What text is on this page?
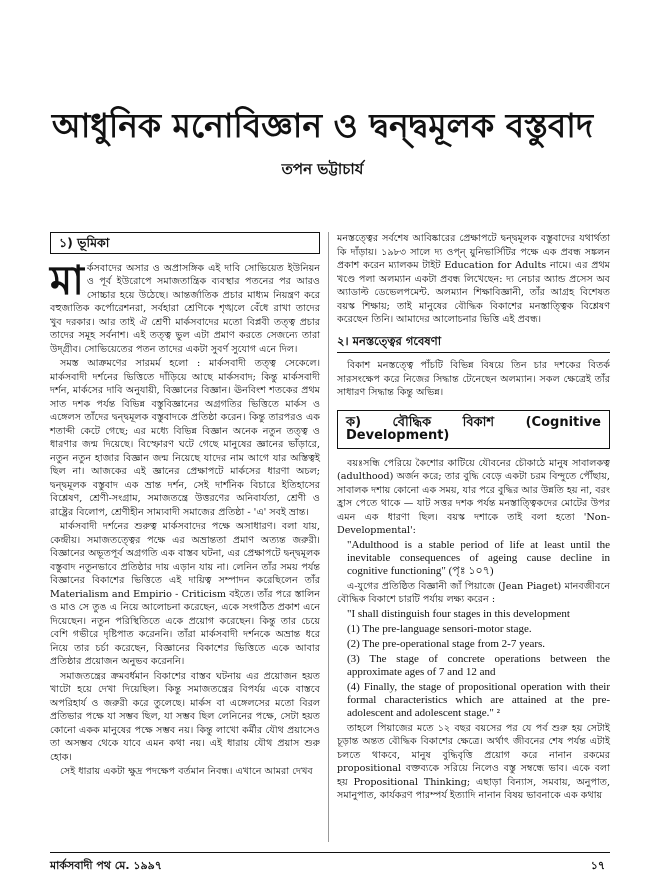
আধুনিক মনোবিজ্ঞান ও দ্বন্দ্বমূলক বস্তুবাদ
তপন ভট্টাচার্য
১) ভূমিকা

মার্কসবাদের অসার ও অপ্রাসঙ্গিক এই দাবি সোভিয়েত ইউনিয়ন ও পূর্ব ইউরোপে সমাজতান্ত্রিক ব্যবস্থার পতনের পর আরও সোচ্চার হয়ে উঠেছে। আন্তর্জাতিক প্রচার মাধ্যম নিয়ন্ত্রণ করে বহুজাতিক কর্পোরেশনরা, সর্বহারা শ্রেণিকে শৃঙ্খলে বেঁধে রাখা তাদের খুব দরকার। আর তাই ঐ শ্রেণী মার্কসবাদের মতো বিপ্লবী তত্ত্ব প্রচার তাদের সমূহ সর্বনাশ। এই তত্ত্ব ভুল এটা প্রমাণ করতে সেজন্যে তারা উদ্গ্রীব। সোভিয়েতের পতন তাদের একটা সুবর্ণ সুযোগ এনে দিল।

সমস্ত আক্রমণের সারমর্ম হলো : মার্কসবাদী তত্ত্ব সেকেলে। মার্কসবাদী দর্শনের ভিত্তিতে দাঁড়িয়ে আছে মার্কসবাদ; কিন্তু মার্কসবাদী দর্শন, মার্কসের দাবি অনুযায়ী, বিজ্ঞানের বিজ্ঞান। ঊনবিংশ শতকের প্রথম সাত দশক পর্যন্ত বিভিন্ন বস্তুবিজ্ঞানের অগ্রগতির ভিত্তিতে মার্কস ও এঙ্গেলস তাঁদের দ্বন্দ্বমূলক বস্তুবাদকে প্রতিষ্ঠা করেন। কিন্তু তারপরও এক শতাব্দী কেটে গেছে; এর মধ্যে বিভিন্ন বিজ্ঞান অনেক নতুন তত্ত্ব ও ধারণার জন্ম দিয়েছে। বিস্ফোরণ ঘটে গেছে মানুষের জ্ঞানের ভাঁড়ারে, নতুন নতুন হাজার বিজ্ঞান জন্ম নিয়েছে যাদের নাম আগে যার অস্তিত্বই ছিল না। আজকের এই জ্ঞানের প্রেক্ষাপটে মার্কসের ধারণা অচল; দ্বন্দ্বমূলক বস্তুবাদ এক ভ্রান্ত দর্শন, সেই দার্শনিক বিচারে ইতিহাসের বিশ্লেষণ, শ্রেণী-সংগ্রাম, সমাজতন্ত্রে উত্তরণের অনিবার্যতা, শ্রেণী ও রাষ্ট্রের বিলোপ, শ্রেণীহীন সাম্যবাদী সমাজের প্রতিষ্ঠা - 'এ' সবই ভ্রান্ত।

মার্কসবাদী দর্শনের শুরুত্ব মার্কসবাদের পক্ষে অসাধারণ। বলা যায়, কেন্দ্রীয়। সমাজতত্ত্বের পক্ষে এর অভ্রান্ততা প্রমাণ অত্যন্ত জরুরী। বিজ্ঞানের অভূতপূর্ব অগ্রগতি এক বাস্তব ঘটনা, এর প্রেক্ষাপটে দ্বন্দ্বমূলক বস্তুবাদ নতুনভাবে প্রতিষ্ঠার দায় এড়ান যায় না। লেনিন তাঁর সময় পর্যন্ত বিজ্ঞানের বিকাশের ভিত্তিতে এই দায়িত্ব সম্পাদন করেছিলেন তাঁর Materialism and Empirio - Criticism বইতে। তাঁর পরে স্তালিন ও মাও সে তুঙ এ নিয়ে আলোচনা করেছেন, একে সংগঠিত প্রকাশ এনে দিয়েছেন। নতুন পরিস্থিতিতে একে প্রয়োগ করেছেন। কিন্তু তার চেয়ে বেশি গভীরে দৃষ্টিপাত করেননি। তাঁরা মার্কসবাদী দর্শনকে অভ্রান্ত ধরে নিয়ে তার চর্চা করেছেন, বিজ্ঞানের বিকাশের ভিত্তিতে একে আবার প্রতিষ্ঠার প্রয়োজন অনুভব করেননি।

সমাজতন্ত্রের ক্রমবর্ধমান বিকাশের বাস্তব ঘটনায় এর প্রয়োজন হয়ত খাটো হয়ে দেখা দিয়েছিল। কিন্তু সমাজতন্ত্রের বিপর্যয় একে বাস্তবে অপরিহার্য ও জরুরী করে তুলেছে। মার্কস বা এঙ্গেলসের মতো বিরল প্রতিভার পক্ষে যা সম্ভব ছিল, যা সম্ভব ছিল লেনিনের পক্ষে, সেটা হয়ত কোনো একক মানুষের পক্ষে সম্ভব নয়। কিন্তু লাখো কর্মীর যৌথ প্রয়াসেও তা অসম্ভব থেকে যাবে এমন কথা নয়। এই ধারায় যৌথ প্রয়াস শুরু হোক।

সেই ধারায় একটা ক্ষুদ্র পদক্ষেপ বর্তমান নিবন্ধ। এখানে আমরা দেখব

মনস্তত্ত্বের সর্বশেষ আবিষ্কারের প্রেক্ষাপটে দ্বন্দ্বমূলক বস্তুবাদের যথার্থতা কি দাঁড়ায়। ১৯৮৩ সালে দ্য ওপ্‌ন্‌ য়ুনিভার্সিটির পক্ষে এক প্রবন্ধ সঙ্কলন প্রকাশ করেন ম্যালকম টাইট Education for Adults নামে। এর প্রথম খণ্ডে পলা অলম্যান একটা প্রবন্ধ লিখেছেন: দ্য নেচার অ্যান্ড প্রসেস অব অ্যাডাল্ট ডেভেলপমেন্ট. অলম্যান শিক্ষাবিজ্ঞানী, তাঁর আগ্রহ বিশেষত বয়স্ক শিক্ষায়; তাই মানুষের বৌদ্ধিক বিকাশের মনস্তাত্ত্বিক বিশ্লেষণ করেছেন তিনি। আমাদের আলোচনার ভিত্তি এই প্রবন্ধ।

২। মনস্তত্ত্বের গবেষণা

বিকাশ মনস্তত্ত্বে পাঁচটি বিভিন্ন বিষয়ে তিন চার দশকের বিতর্ক সারসংক্ষেপ করে নিজের সিদ্ধান্ত টেনেছেন অলম্যান। সকল ক্ষেত্রেই তাঁর সাধারণ সিদ্ধান্ত কিন্তু অভিন্ন।

ক) বৌদ্ধিক বিকাশ (Cognitive Development)

বয়ঃসন্ধি পেরিয়ে কৈশোর কাটিয়ে যৌবনের চৌকাঠে মানুষ সাবালকত্ব (adulthood) অর্জন করে; তার বুদ্ধি বেড়ে একটা চরম বিন্দুতে পৌঁছায়, সাবালক দশায় কোনো এক সময়, যার পরে বুদ্ধির আর উন্নতি হয় না, বরং হ্রাস পেতে থাকে — যাট সত্তর দশক পর্যন্ত মনস্তাত্ত্বিকদের মোটের উপর এমন এক ধারণা ছিল। বয়স্ক দশাকে তাই বলা হতো 'Non-Developmental':

"Adulthood is a stable period of life at least until the inevitable consequences of ageing cause decline in cognitive functioning" (পৃঃ ১০৭)

এ-যুগের প্রতিষ্ঠিত বিজ্ঞানী জাঁ পিয়াজে (Jean Piaget) মানবজীবনে বৌদ্ধিক বিকাশে চারটি পর্যায় লক্ষ্য করেন :

"I shall distinguish four stages in this development
(1) The pre-language sensori-motor stage.
(2) The pre-operational stage from 2-7 years.
(3) The stage of concrete operations between the approximate ages of 7 and 12 and
(4) Finally, the stage of propositional operation with their formal characteristics which are attained at the pre-adolescent and adolescent stage." ²

তাহলে পিয়াজের মতে ১২ বছর বয়সের পর যে পর্ব শুরু হয় সেটাই চূড়ান্ত অন্তত বৌদ্ধিক বিকাশের ক্ষেত্রে। অর্থাৎ জীবনের শেষ পর্যন্ত এটাই চলতে থাকবে, মানুষ বুদ্ধিবৃত্তি প্রয়োগ করে নানান রকমের propositional বক্তব্যকে সরিয়ে নিলেও বস্তু সম্বন্ধে ভাব। একে বলা হয় Propositional Thinking; এছাড়া বিন্যাস, সমবায়, অনুপাত, সমানুপাত, কার্যকরণ পারম্পর্য ইত্যাদি নানান বিষয় ভাবনাকে এক কথায়

মার্কসবাদী পথ মে. ১৯৯৭	১৭
